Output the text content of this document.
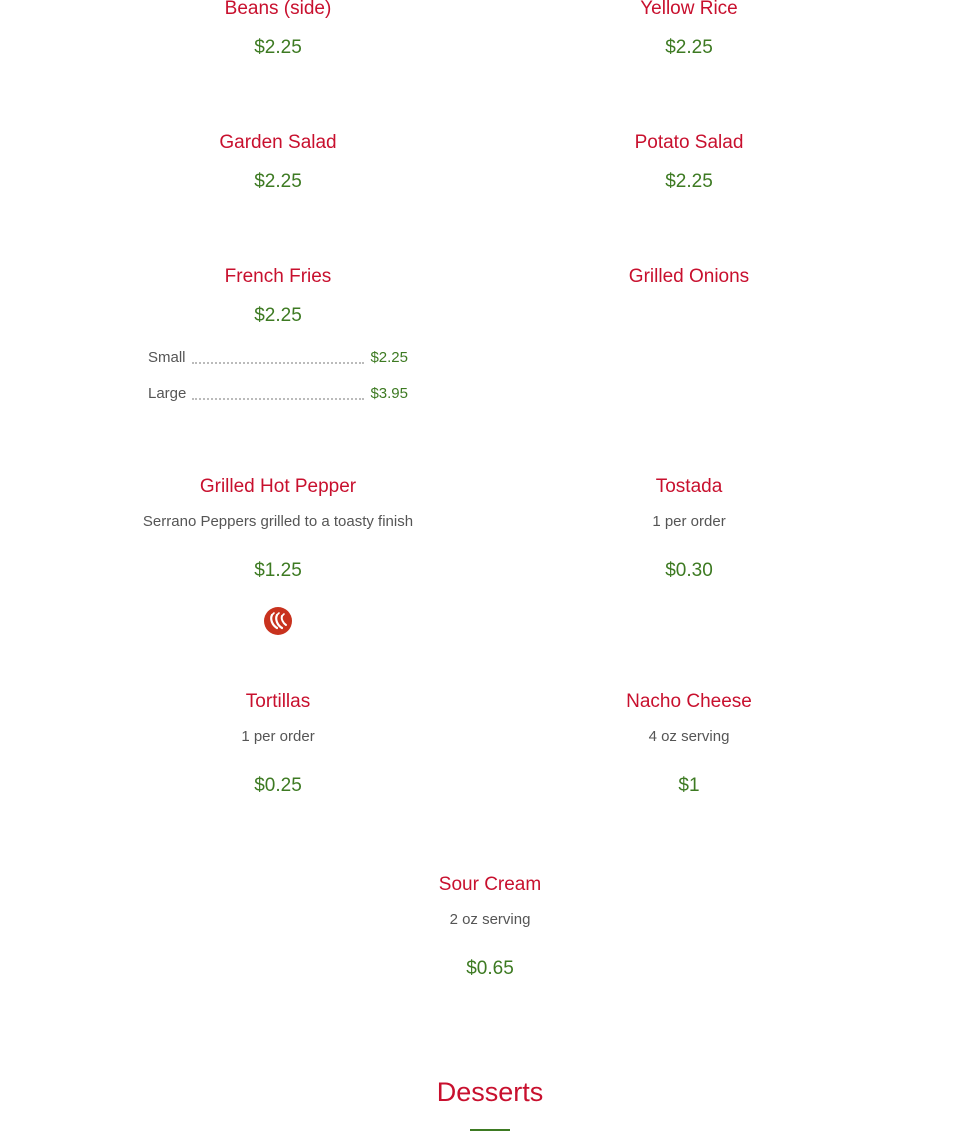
Beans (side)
$2.25
Yellow Rice
$2.25
Garden Salad
$2.25
Potato Salad
$2.25
French Fries
$2.25
Small	$2.25
Large	$3.95
Grilled Onions
Grilled Hot Pepper
Serrano Peppers grilled to a toasty finish
$1.25
Tostada
1 per order
$0.30
Tortillas
1 per order
$0.25
Nacho Cheese
4 oz serving
$1
Sour Cream
2 oz serving
$0.65
Desserts
